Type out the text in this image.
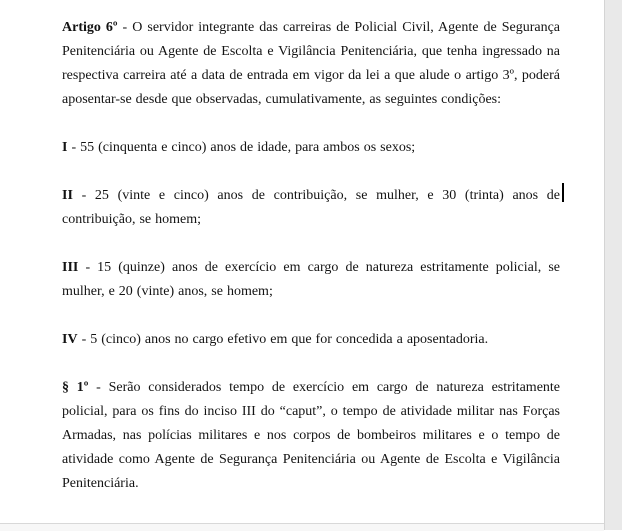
Artigo 6º - O servidor integrante das carreiras de Policial Civil, Agente de Segurança Penitenciária ou Agente de Escolta e Vigilância Penitenciária, que tenha ingressado na respectiva carreira até a data de entrada em vigor da lei a que alude o artigo 3º, poderá aposentar-se desde que observadas, cumulativamente, as seguintes condições:

I - 55 (cinquenta e cinco) anos de idade, para ambos os sexos;

II - 25 (vinte e cinco) anos de contribuição, se mulher, e 30 (trinta) anos de
contribuição, se homem;

III - 15 (quinze) anos de exercício em cargo de natureza estritamente policial, se mulher, e 20 (vinte) anos, se homem;

IV - 5 (cinco) anos no cargo efetivo em que for concedida a aposentadoria.

§ 1º - Serão considerados tempo de exercício em cargo de natureza estritamente policial, para os fins do inciso III do “caput”, o tempo de atividade militar nas Forças Armadas, nas polícias militares e nos corpos de bombeiros militares e o tempo de atividade como Agente de Segurança Penitenciária ou Agente de Escolta e Vigilância Penitenciária.
